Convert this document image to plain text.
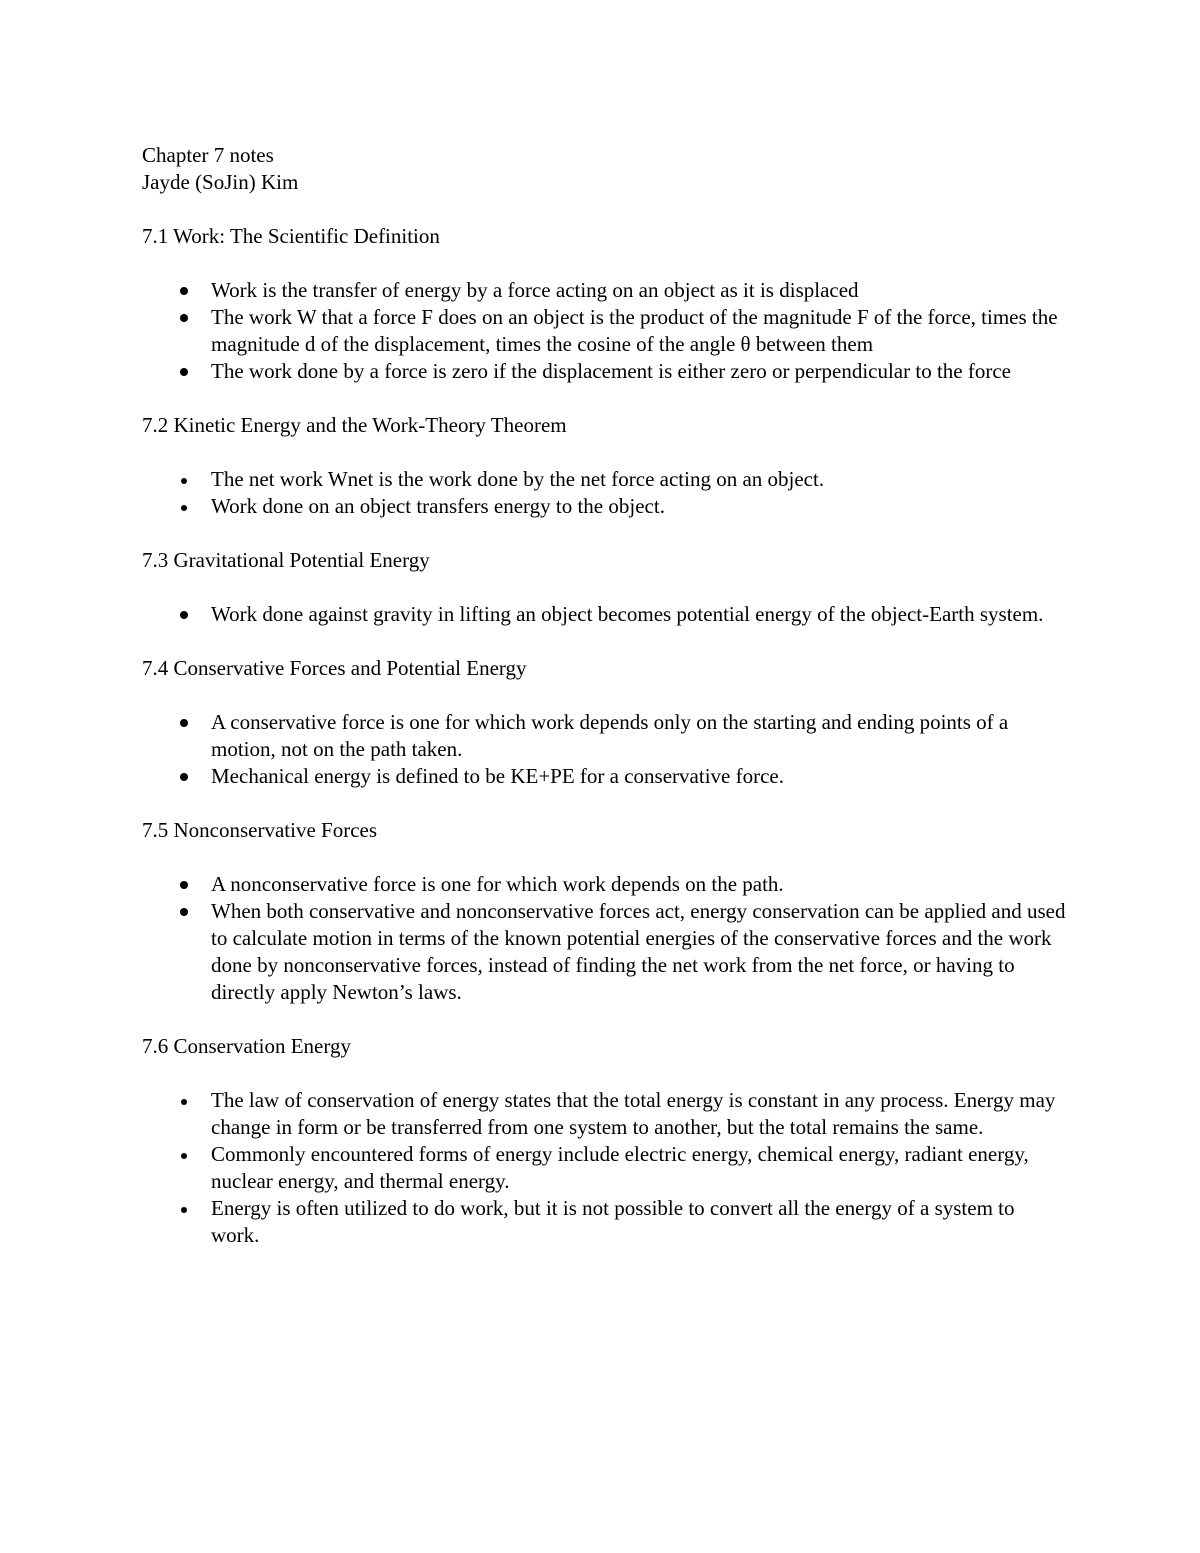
Chapter 7 notes

Jayde (SoJin) Kim

7.1 Work: The Scientific Definition

Work is the transfer of energy by a force acting on an object as it is displaced
The work W that a force F does on an object is the product of the magnitude F of the force, times the magnitude d of the displacement, times the cosine of the angle θ between them
The work done by a force is zero if the displacement is either zero or perpendicular to the force

7.2 Kinetic Energy and the Work-Theory Theorem

The net work Wnet is the work done by the net force acting on an object.
Work done on an object transfers energy to the object.

7.3 Gravitational Potential Energy

Work done against gravity in lifting an object becomes potential energy of the object-Earth system.

7.4 Conservative Forces and Potential Energy

A conservative force is one for which work depends only on the starting and ending points of a motion, not on the path taken.
Mechanical energy is defined to be KE+PE for a conservative force.

7.5 Nonconservative Forces

A nonconservative force is one for which work depends on the path.
When both conservative and nonconservative forces act, energy conservation can be applied and used to calculate motion in terms of the known potential energies of the conservative forces and the work done by nonconservative forces, instead of finding the net work from the net force, or having to directly apply Newton’s laws.

7.6 Conservation Energy

The law of conservation of energy states that the total energy is constant in any process. Energy may change in form or be transferred from one system to another, but the total remains the same.
Commonly encountered forms of energy include electric energy, chemical energy, radiant energy, nuclear energy, and thermal energy.
Energy is often utilized to do work, but it is not possible to convert all the energy of a system to work.
